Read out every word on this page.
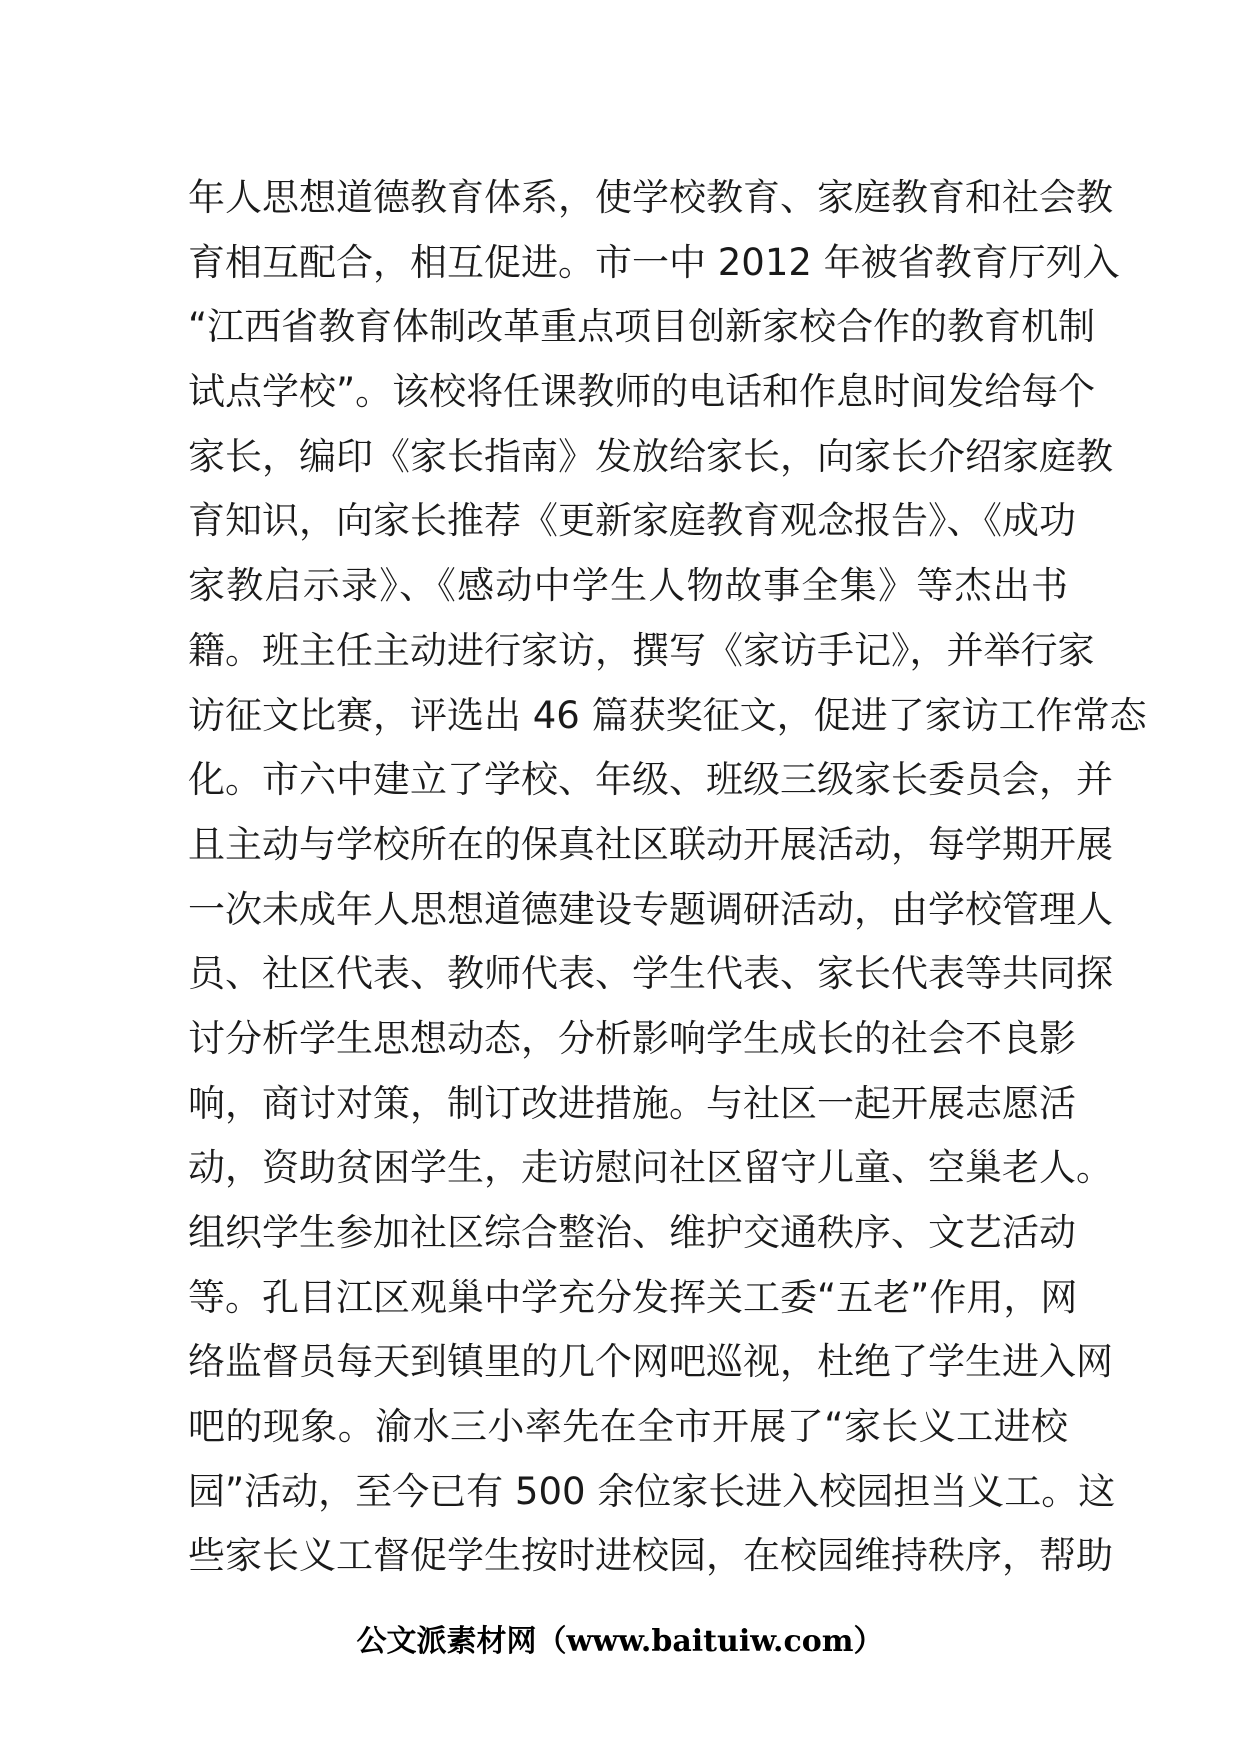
年人思想道德教育体系，使学校教育、家庭教育和社会教
育相互配合，相互促进。市一中 2012 年被省教育厅列入
“江西省教育体制改革重点项目创新家校合作的教育机制
试点学校”。该校将任课教师的电话和作息时间发给每个
家长，编印《家长指南》发放给家长，向家长介绍家庭教
育知识，向家长推荐《更新家庭教育观念报告》、《成功
家教启示录》、《感动中学生人物故事全集》等杰出书
籍。班主任主动进行家访，撰写《家访手记》，并举行家
访征文比赛，评选出 46 篇获奖征文，促进了家访工作常态
化。市六中建立了学校、年级、班级三级家长委员会，并
且主动与学校所在的保真社区联动开展活动，每学期开展
一次未成年人思想道德建设专题调研活动，由学校管理人
员、社区代表、教师代表、学生代表、家长代表等共同探
讨分析学生思想动态，分析影响学生成长的社会不良影
响，商讨对策，制订改进措施。与社区一起开展志愿活
动，资助贫困学生，走访慰问社区留守儿童、空巢老人。
组织学生参加社区综合整治、维护交通秩序、文艺活动
等。孔目江区观巢中学充分发挥关工委“五老”作用，网
络监督员每天到镇里的几个网吧巡视，杜绝了学生进入网
吧的现象。渝水三小率先在全市开展了“家长义工进校
园”活动，至今已有 500 余位家长进入校园担当义工。这
些家长义工督促学生按时进校园，在校园维持秩序，帮助
公文派素材网（www.baituiw.com）
